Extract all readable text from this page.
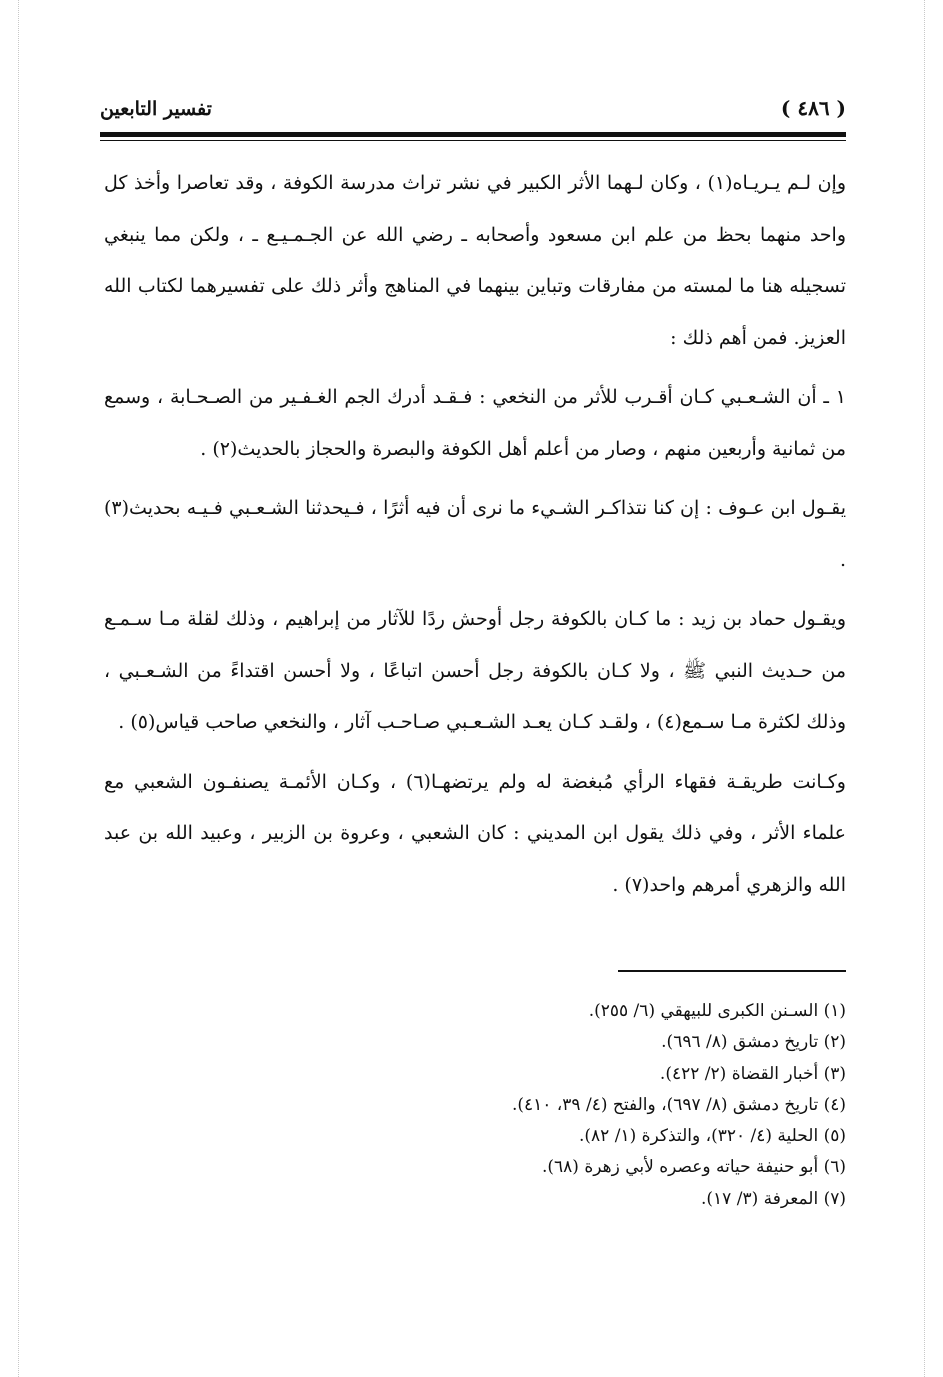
( ٤٨٦ )
تفسير التابعين

وإن لـم يـريـاه(١) ، وكان لـهما الأثر الكبير في نشر تراث مدرسة الكوفة ، وقد تعاصرا وأخذ كل واحد منهما بحظ من علم ابن مسعود وأصحابه ـ رضي الله عن الجـمـيـع ـ ، ولكن مما ينبغي تسجيله هنا ما لمسته من مفارقات وتباين بينهما في المناهج وأثر ذلك على تفسيرهما لكتاب الله العزيز. فمن أهم ذلك :

١ ـ أن الشـعـبي كـان أقـرب للأثر من النخعي : فـقـد أدرك الجم الغـفـير من الصـحـابة ، وسمع من ثمانية وأربعين منهم ، وصار من أعلم أهل الكوفة والبصرة والحجاز بالحديث(٢) .

يقـول ابن عـوف : إن كنا نتذاكـر الشـيء ما نرى أن فيه أثرًا ، فـيحدثنا الشـعـبي فـيـه بحديث(٣) .

ويقـول حماد بن زيد : ما كـان بالكوفة رجل أوحش ردًا للآثار من إبراهيم ، وذلك لقلة مـا سـمـع من حـديث النبي ﷺ ، ولا كـان بالكوفة رجل أحسن اتباعًا ، ولا أحسن اقتداءً من الشـعـبي ، وذلك لكثرة مـا سـمع(٤) ، ولقـد كـان يعـد الشـعـبي صـاحـب آثار ، والنخعي صاحب قياس(٥) .

وكـانت طريقـة فقهاء الرأي مُبغضة له ولم يرتضهـا(٦) ، وكـان الأئمـة يصنفـون الشعبي مع علماء الأثر ، وفي ذلك يقول ابن المديني : كان الشعبي ، وعروة بن الزبير ، وعبيد الله بن عبد الله والزهري أمرهم واحد(٧) .

(١) السـنن الكبرى للبيهقي (٦/ ٢٥٥).

(٢) تاريخ دمشق (٨/ ٦٩٦).

(٣) أخبار القضاة (٢/ ٤٢٢).

(٤) تاريخ دمشق (٨/ ٦٩٧)، والفتح (٤/ ٣٩، ٤١٠).

(٥) الحلية (٤/ ٣٢٠)، والتذكرة (١/ ٨٢).

(٦) أبو حنيفة حياته وعصره لأبي زهرة (٦٨).

(٧) المعرفة (٣/ ١٧).
